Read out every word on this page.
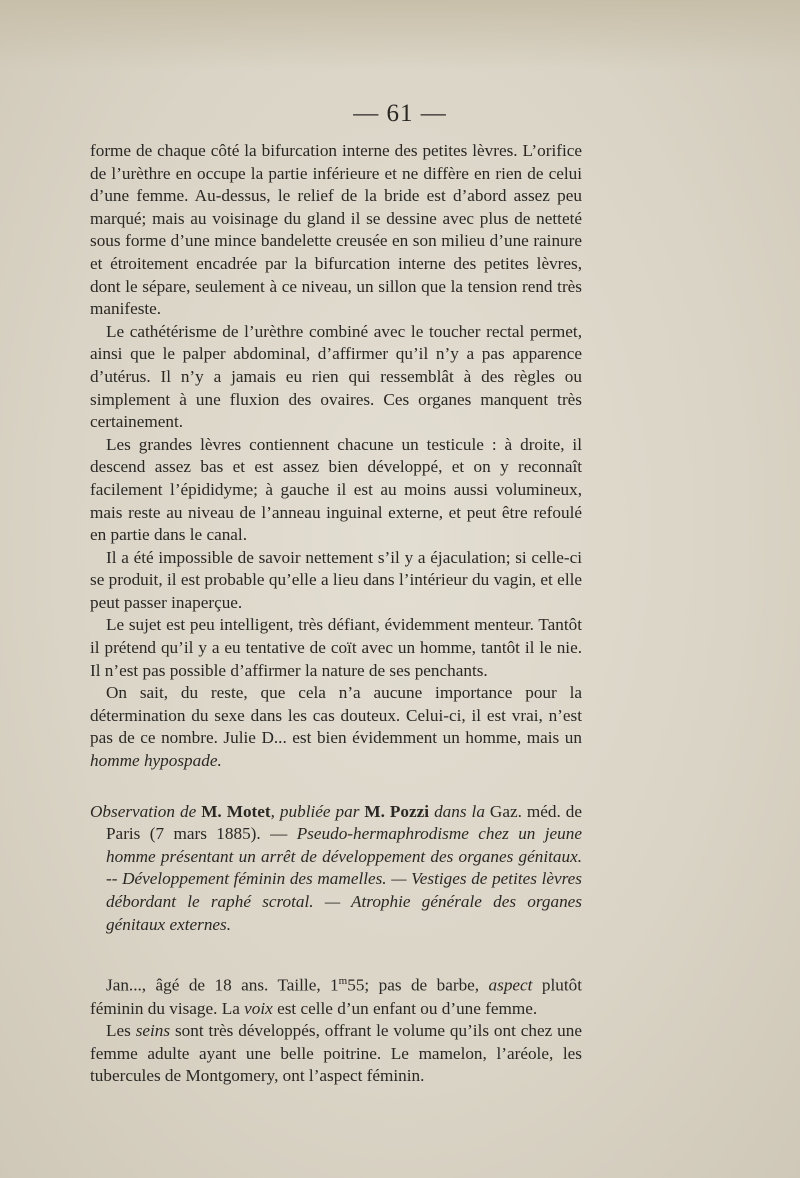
— 61 —

forme de chaque côté la bifurcation interne des petites lèvres. L’orifice de l’urèthre en occupe la partie inférieure et ne diffère en rien de celui d’une femme. Au-dessus, le relief de la bride est d’abord assez peu marqué; mais au voisinage du gland il se dessine avec plus de netteté sous forme d’une mince bandelette creusée en son milieu d’une rainure et étroitement encadrée par la bifurcation interne des petites lèvres, dont le sépare, seulement à ce niveau, un sillon que la tension rend très manifeste.

Le cathétérisme de l’urèthre combiné avec le toucher rectal permet, ainsi que le palper abdominal, d’affirmer qu’il n’y a pas apparence d’utérus. Il n’y a jamais eu rien qui ressemblât à des règles ou simplement à une fluxion des ovaires. Ces organes manquent très certainement.

Les grandes lèvres contiennent chacune un testicule : à droite, il descend assez bas et est assez bien développé, et on y reconnaît facilement l’épididyme; à gauche il est au moins aussi volumineux, mais reste au niveau de l’anneau inguinal externe, et peut être refoulé en partie dans le canal.

Il a été impossible de savoir nettement s’il y a éjaculation; si celle-ci se produit, il est probable qu’elle a lieu dans l’intérieur du vagin, et elle peut passer inaperçue.

Le sujet est peu intelligent, très défiant, évidemment menteur. Tantôt il prétend qu’il y a eu tentative de coït avec un homme, tantôt il le nie. Il n’est pas possible d’affirmer la nature de ses penchants.

On sait, du reste, que cela n’a aucune importance pour la détermination du sexe dans les cas douteux. Celui-ci, il est vrai, n’est pas de ce nombre. Julie D... est bien évidemment un homme, mais un homme hypospade.

Observation de M. Motet, publiée par M. Pozzi dans la Gaz. méd. de Paris (7 mars 1885). — Pseudo-hermaphrodisme chez un jeune homme présentant un arrêt de développement des organes génitaux. -- Développement féminin des mamelles. — Vestiges de petites lèvres débordant le raphé scrotal. — Atrophie générale des organes génitaux externes.

Jan..., âgé de 18 ans. Taille, 1$^m$55; pas de barbe, aspect plutôt féminin du visage. La voix est celle d’un enfant ou d’une femme.

Les seins sont très développés, offrant le volume qu’ils ont chez une femme adulte ayant une belle poitrine. Le mamelon, l’aréole, les tubercules de Montgomery, ont l’aspect féminin.
